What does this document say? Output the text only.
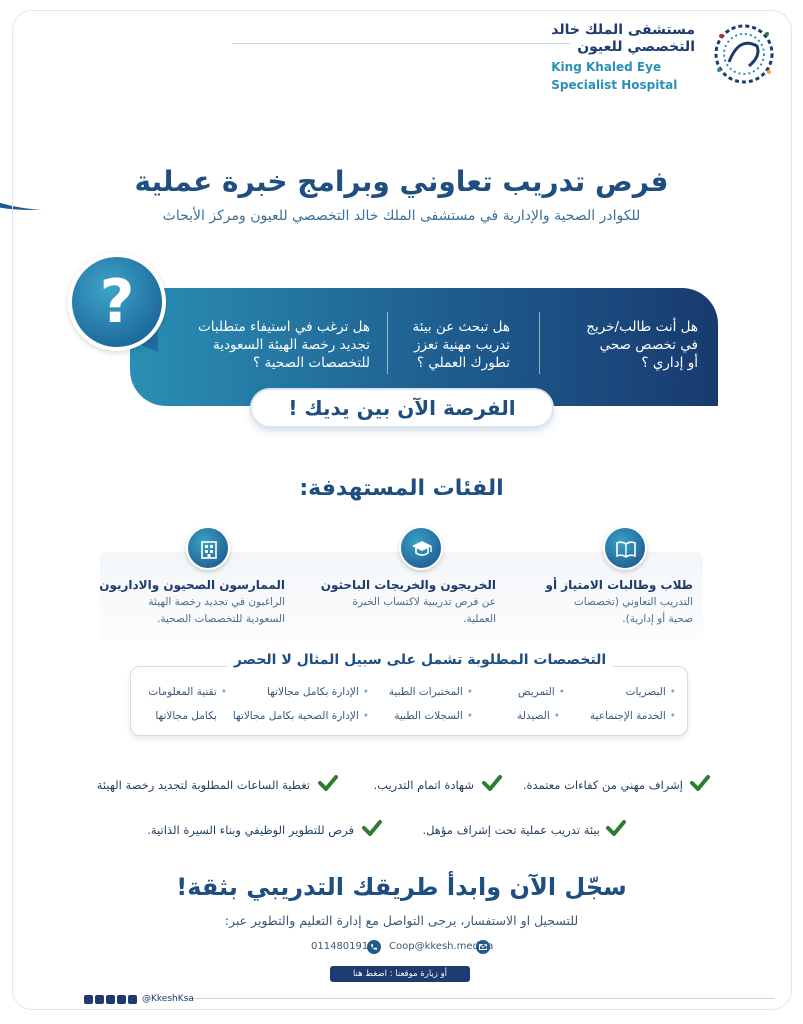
مستشفى الملك خالد
التخصصي للعيون
King Khaled Eye
Specialist Hospital
فرص تدريب تعاوني وبرامج خبرة عملية
للكوادر الصحية والإدارية في مستشفى الملك خالد التخصصي للعيون ومركز الأبحاث
هل أنت طالب/خريج
في تخصص صحي
أو إداري ؟
هل تبحث عن بيئة
تدريب مهنية تعزز
تطورك العملي ؟
هل ترغب في استيفاء متطلبات
تجديد رخصة الهيئة السعودية
للتخصصات الصحية ؟
?
الفرصة الآن بين يديك !
الفئات المستهدفة:
طلاب وطالبات الامتياز أو
التدريب التعاوني (تخصصات
صحية أو إدارية).
الخريجون والخريجات الباحثون
عن فرص تدريبية لاكتساب الخبرة
العملية.
الممارسون الصحيون والاداريون
الراغبون في تجديد رخصة الهيئة
السعودية للتخصصات الصحية.
التخصصات المطلوبة تشمل على سبيل المثال لا الحصر
•البصريات
•التمريض
•المختبرات الطبية
•الإدارة بكامل مجالاتها
•تقنية المعلومات
•الخدمة الإجتماعية
•الصيدلة
•السجلات الطبية
•الإدارة الصحية بكامل مجالاتها
بكامل مجالاتها
إشراف مهني من كفاءات معتمدة.
شهادة اتمام التدريب.
تغطية الساعات المطلوبة لتجديد رخصة الهيئة
بيئة تدريب عملية تحت إشراف مؤهل.
فرص للتطوير الوظيفي وبناء السيرة الذاتية.
سجّل الآن وابدأ طريقك التدريبي بثقة!
للتسجيل او الاستفسار، يرجى التواصل مع إدارة التعليم والتطوير عبر:
Coop@kkesh.med.sa
0114801910
أو زيارة موقعنا : اضغط هنا
@KkeshKsa
